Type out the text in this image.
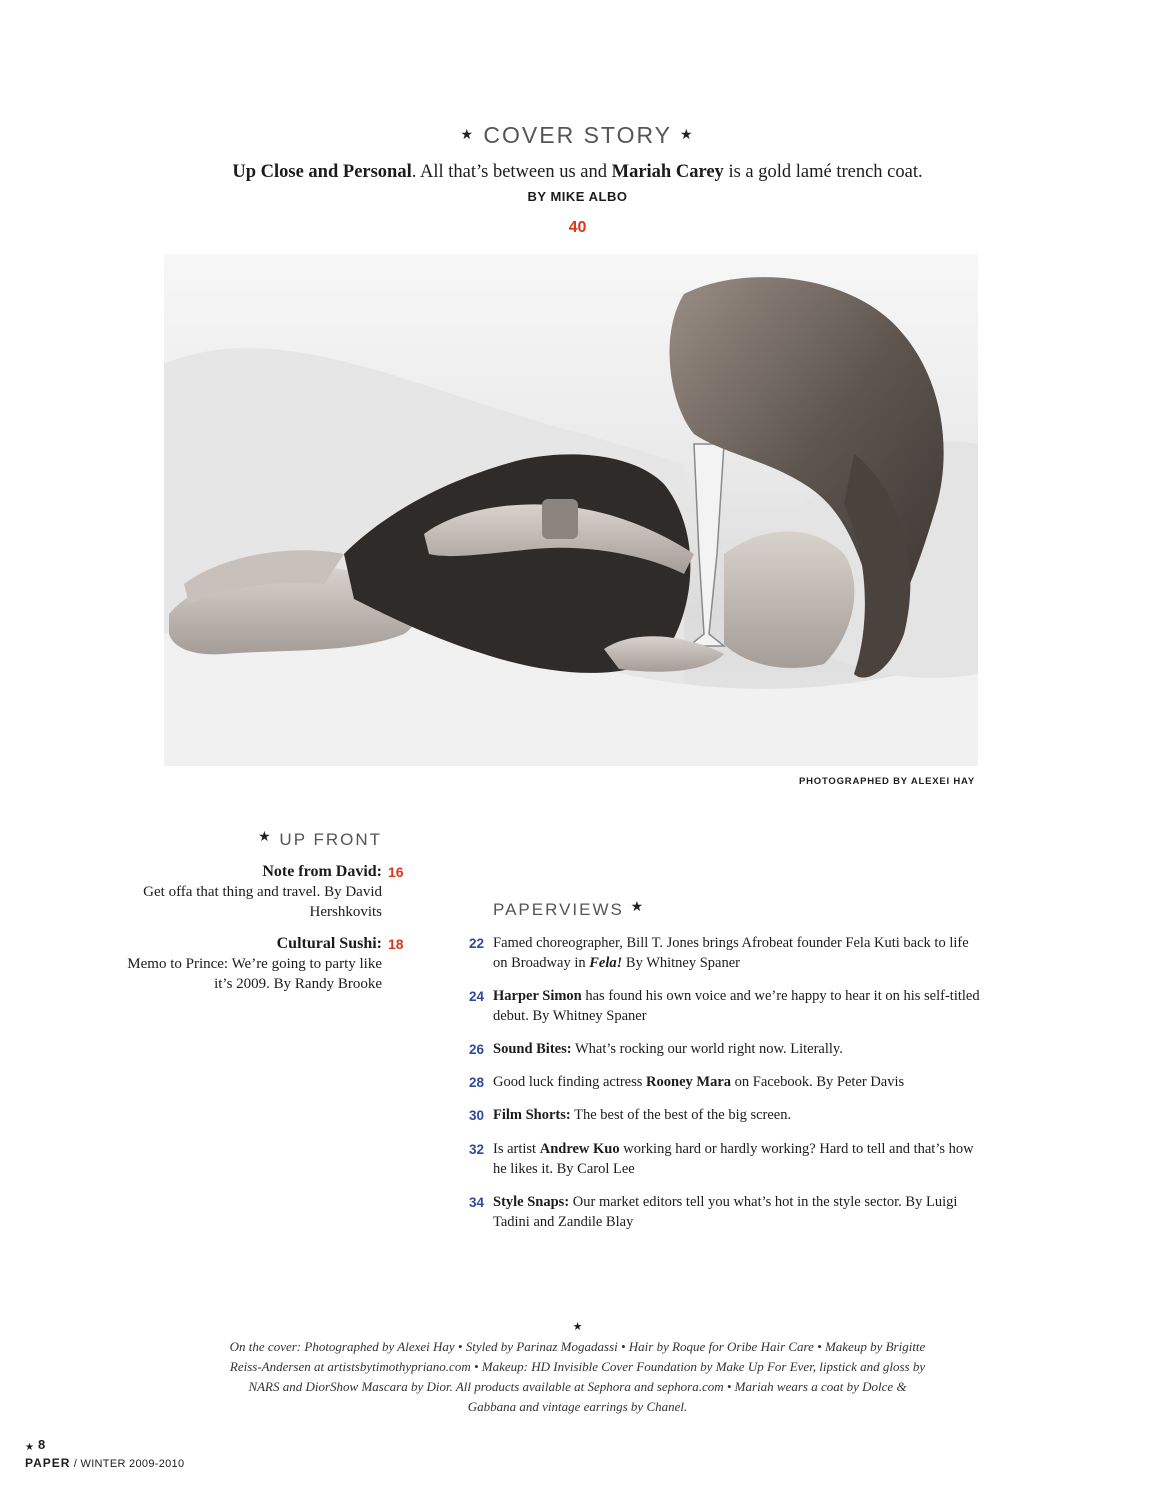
★ COVER STORY ★
Up Close and Personal. All that’s between us and Mariah Carey is a gold lamé trench coat.
BY MIKE ALBO
40
PHOTOGRAPHED BY ALEXEI HAY
★ UP FRONT
Note from David:
Get offa that thing and travel. By David Hershkovits
16
Cultural Sushi:
Memo to Prince: We’re going to party like it’s 2009. By Randy Brooke
18
PAPERVIEWS ★
22 Famed choreographer, Bill T. Jones brings Afrobeat founder Fela Kuti back to life on Broadway in Fela! By Whitney Spaner
24 Harper Simon has found his own voice and we’re happy to hear it on his self-titled debut. By Whitney Spaner
26 Sound Bites: What’s rocking our world right now. Literally.
28 Good luck finding actress Rooney Mara on Facebook. By Peter Davis
30 Film Shorts: The best of the best of the big screen.
32 Is artist Andrew Kuo working hard or hardly working? Hard to tell and that’s how he likes it. By Carol Lee
34 Style Snaps: Our market editors tell you what’s hot in the style sector. By Luigi Tadini and Zandile Blay
★
On the cover: Photographed by Alexei Hay • Styled by Parinaz Mogadassi • Hair by Roque for Oribe Hair Care • Makeup by Brigitte Reiss-Andersen at artistsbytimothypriano.com • Makeup: HD Invisible Cover Foundation by Make Up For Ever, lipstick and gloss by NARS and DiorShow Mascara by Dior. All products available at Sephora and sephora.com • Mariah wears a coat by Dolce & Gabbana and vintage earrings by Chanel.
★ 8
PAPER / WINTER 2009-2010
